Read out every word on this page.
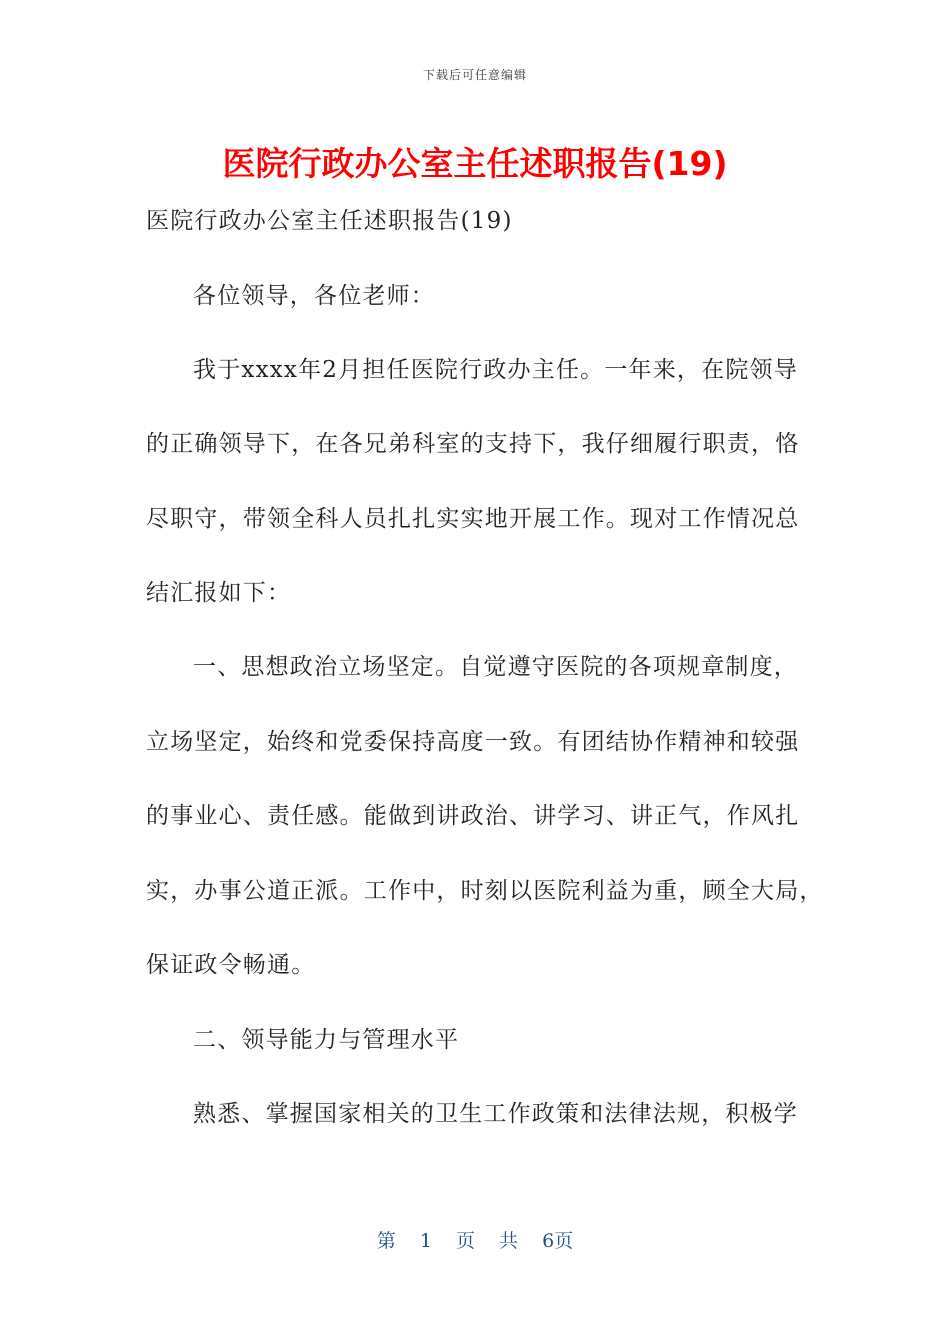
下载后可任意编辑
医院行政办公室主任述职报告(19)
医院行政办公室主任述职报告(19)
各位领导，各位老师：
我于xxxx年2月担任医院行政办主任。一年来，在院领导
的正确领导下，在各兄弟科室的支持下，我仔细履行职责，恪
尽职守，带领全科人员扎扎实实地开展工作。现对工作情况总
结汇报如下：
一、思想政治立场坚定。自觉遵守医院的各项规章制度，
立场坚定，始终和党委保持高度一致。有团结协作精神和较强
的事业心、责任感。能做到讲政治、讲学习、讲正气，作风扎
实，办事公道正派。工作中，时刻以医院利益为重，顾全大局，
保证政令畅通。
二、领导能力与管理水平
熟悉、掌握国家相关的卫生工作政策和法律法规，积极学
第 1 页 共 6页
